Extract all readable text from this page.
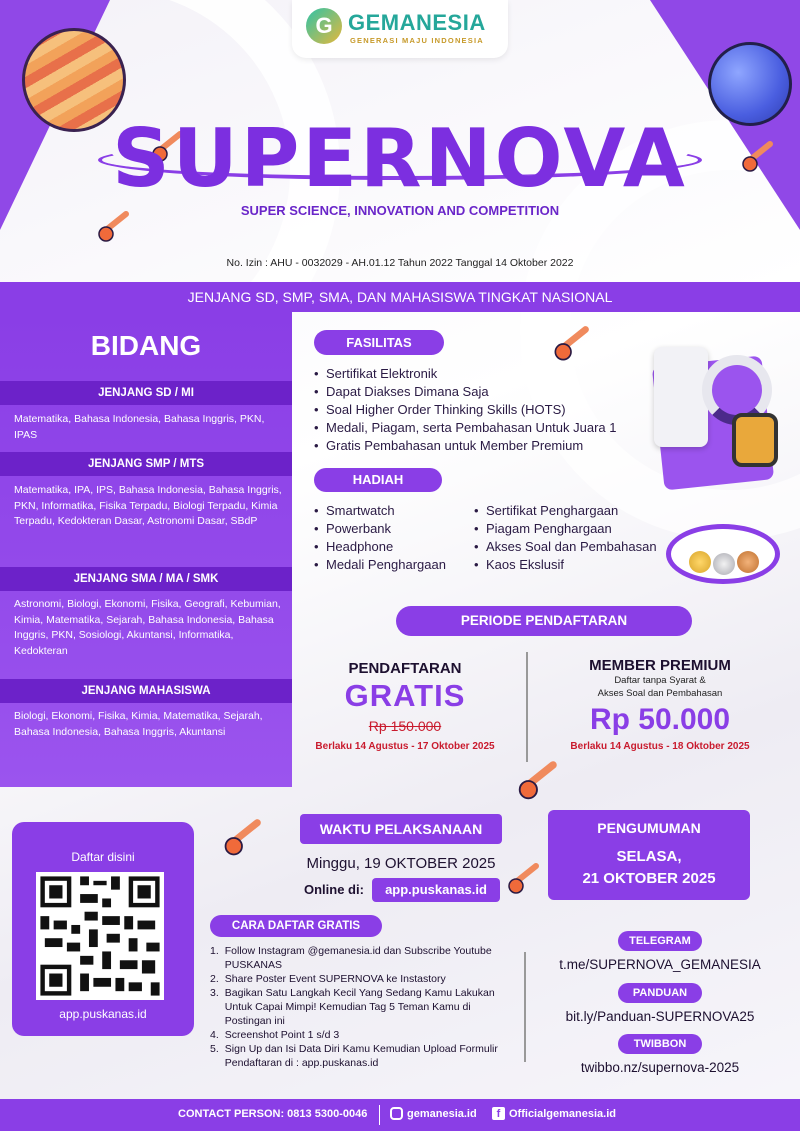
G GEMANESIA
GENERASI MAJU INDONESIA
SUPERNOVA
SUPER SCIENCE, INNOVATION AND COMPETITION
No. Izin : AHU - 0032029 - AH.01.12 Tahun 2022 Tanggal 14 Oktober 2022
JENJANG SD, SMP, SMA, DAN MAHASISWA TINGKAT NASIONAL
BIDANG
JENJANG SD / MI
Matematika, Bahasa Indonesia, Bahasa Inggris, PKN, IPAS
JENJANG SMP / MTS
Matematika, IPA, IPS, Bahasa Indonesia, Bahasa Inggris, PKN, Informatika, Fisika Terpadu, Biologi Terpadu, Kimia Terpadu, Kedokteran Dasar, Astronomi Dasar, SBdP
JENJANG SMA / MA / SMK
Astronomi, Biologi, Ekonomi, Fisika, Geografi, Kebumian, Kimia, Matematika, Sejarah, Bahasa Indonesia, Bahasa Inggris, PKN, Sosiologi, Akuntansi, Informatika, Kedokteran
JENJANG MAHASISWA
Biologi, Ekonomi, Fisika, Kimia, Matematika, Sejarah, Bahasa Indonesia, Bahasa Inggris, Akuntansi
FASILITAS
• Sertifikat Elektronik
• Dapat Diakses Dimana Saja
• Soal Higher Order Thinking Skills (HOTS)
• Medali, Piagam, serta Pembahasan Untuk Juara 1
• Gratis Pembahasan untuk Member Premium
HADIAH
• Smartwatch
• Powerbank
• Headphone
• Medali Penghargaan
• Sertifikat Penghargaan
• Piagam Penghargaan
• Akses Soal dan Pembahasan
• Kaos Ekslusif
PERIODE PENDAFTARAN
PENDAFTARAN
GRATIS
Rp 150.000
Berlaku 14 Agustus - 17 Oktober 2025
MEMBER PREMIUM
Daftar tanpa Syarat &
Akses Soal dan Pembahasan
Rp 50.000
Berlaku 14 Agustus - 18 Oktober 2025
Daftar disini
app.puskanas.id
WAKTU PELAKSANAAN
Minggu, 19 OKTOBER 2025
Online di:	app.puskanas.id
PENGUMUMAN
SELASA,
21 OKTOBER 2025
CARA DAFTAR GRATIS
1. Follow Instagram @gemanesia.id dan Subscribe Youtube PUSKANAS
2. Share Poster Event SUPERNOVA ke Instastory
3. Bagikan Satu Langkah Kecil Yang Sedang Kamu Lakukan Untuk Capai Mimpi! Kemudian Tag 5 Teman Kamu di Postingan ini
4. Screenshot Point 1 s/d 3
5. Sign Up dan Isi Data Diri Kamu Kemudian Upload Formulir Pendaftaran di : app.puskanas.id
TELEGRAM
t.me/SUPERNOVA_GEMANESIA
PANDUAN
bit.ly/Panduan-SUPERNOVA25
TWIBBON
twibbo.nz/supernova-2025
CONTACT PERSON: 0813 5300-0046	gemanesia.id	f Officialgemanesia.id
